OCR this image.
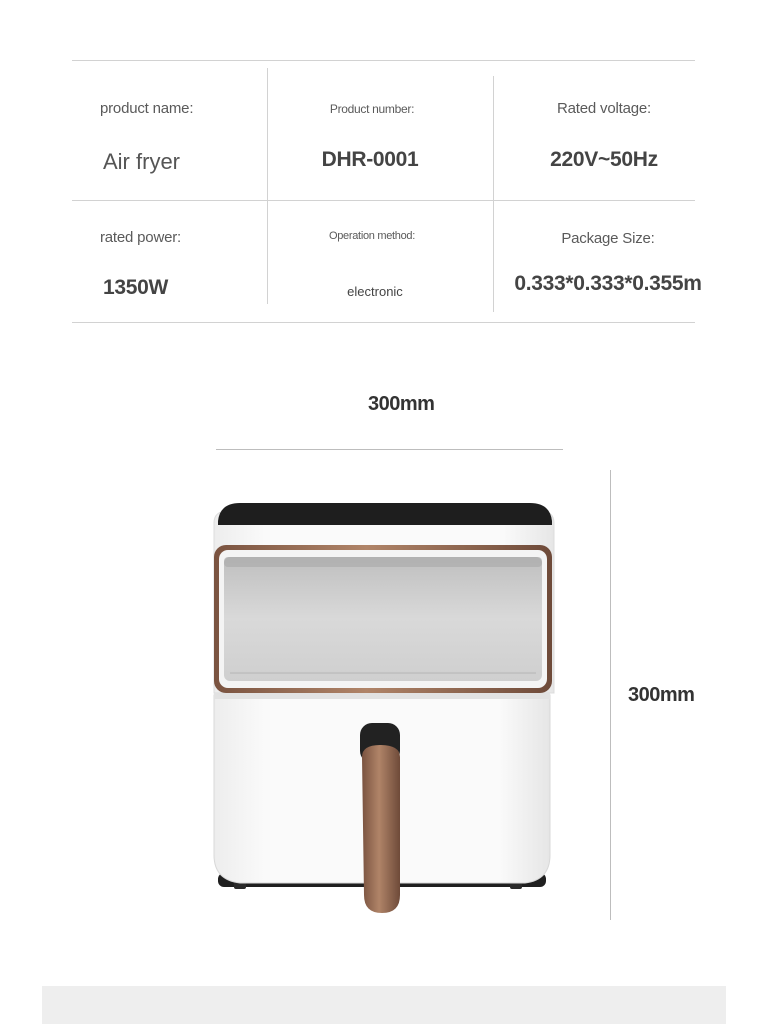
product name:
Air fryer
Product number:
DHR-0001
Rated voltage:
220V~50Hz
rated power:
1350W
Operation method:
electronic
Package Size:
0.333*0.333*0.355m
300mm
300mm
